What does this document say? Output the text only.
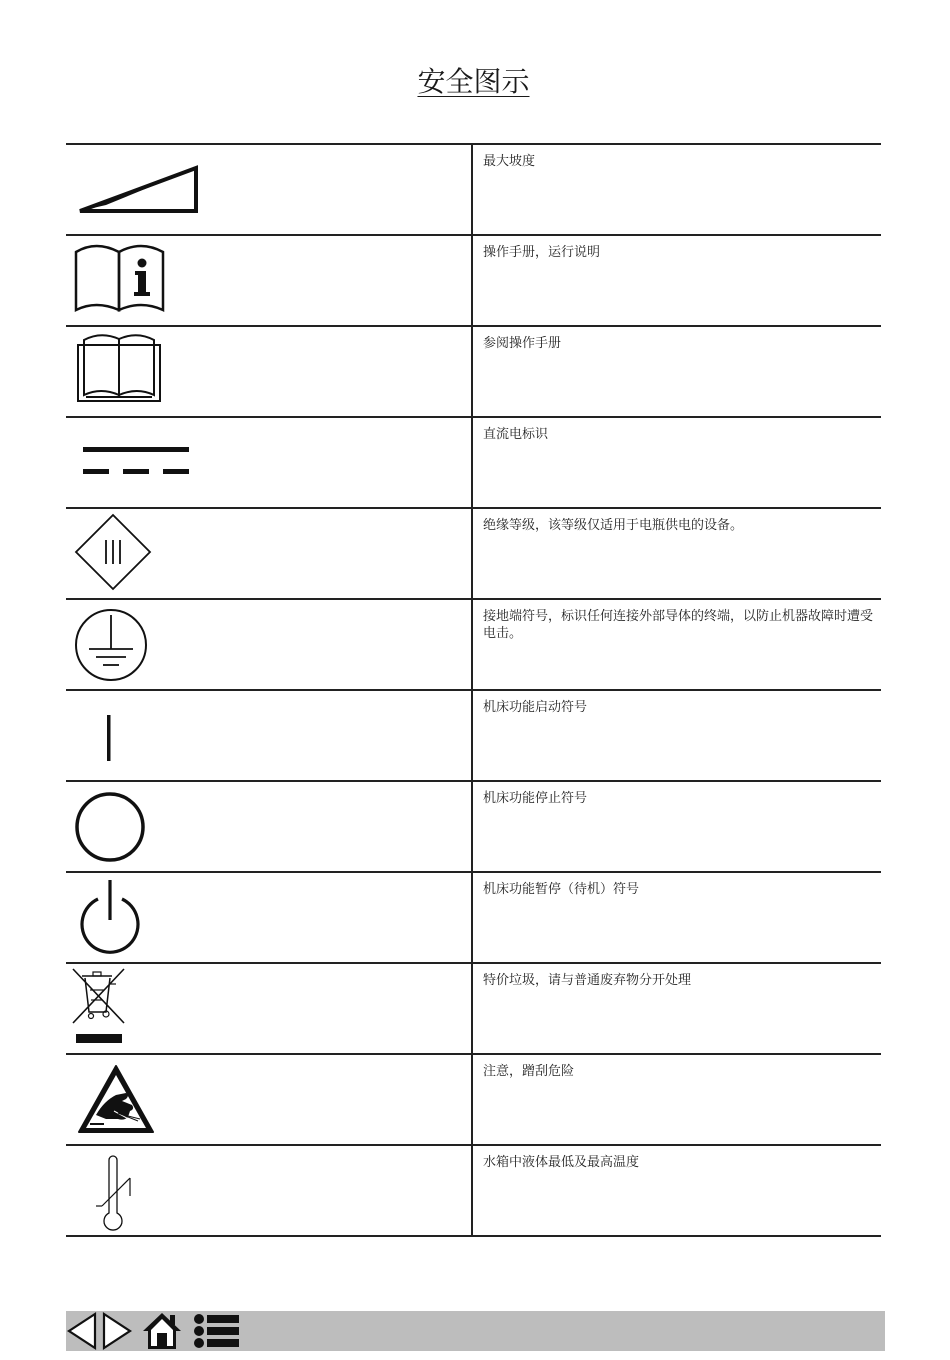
安全图示
最大坡度
操作手册，运行说明
参阅操作手册
直流电标识
绝缘等级，该等级仅适用于电瓶供电的设备。
接地端符号，标识任何连接外部导体的终端，以防止机器故障时遭受电击。
机床功能启动符号
机床功能停止符号
机床功能暂停（待机）符号
特价垃圾，请与普通废弃物分开处理
注意，蹭刮危险
水箱中液体最低及最高温度
